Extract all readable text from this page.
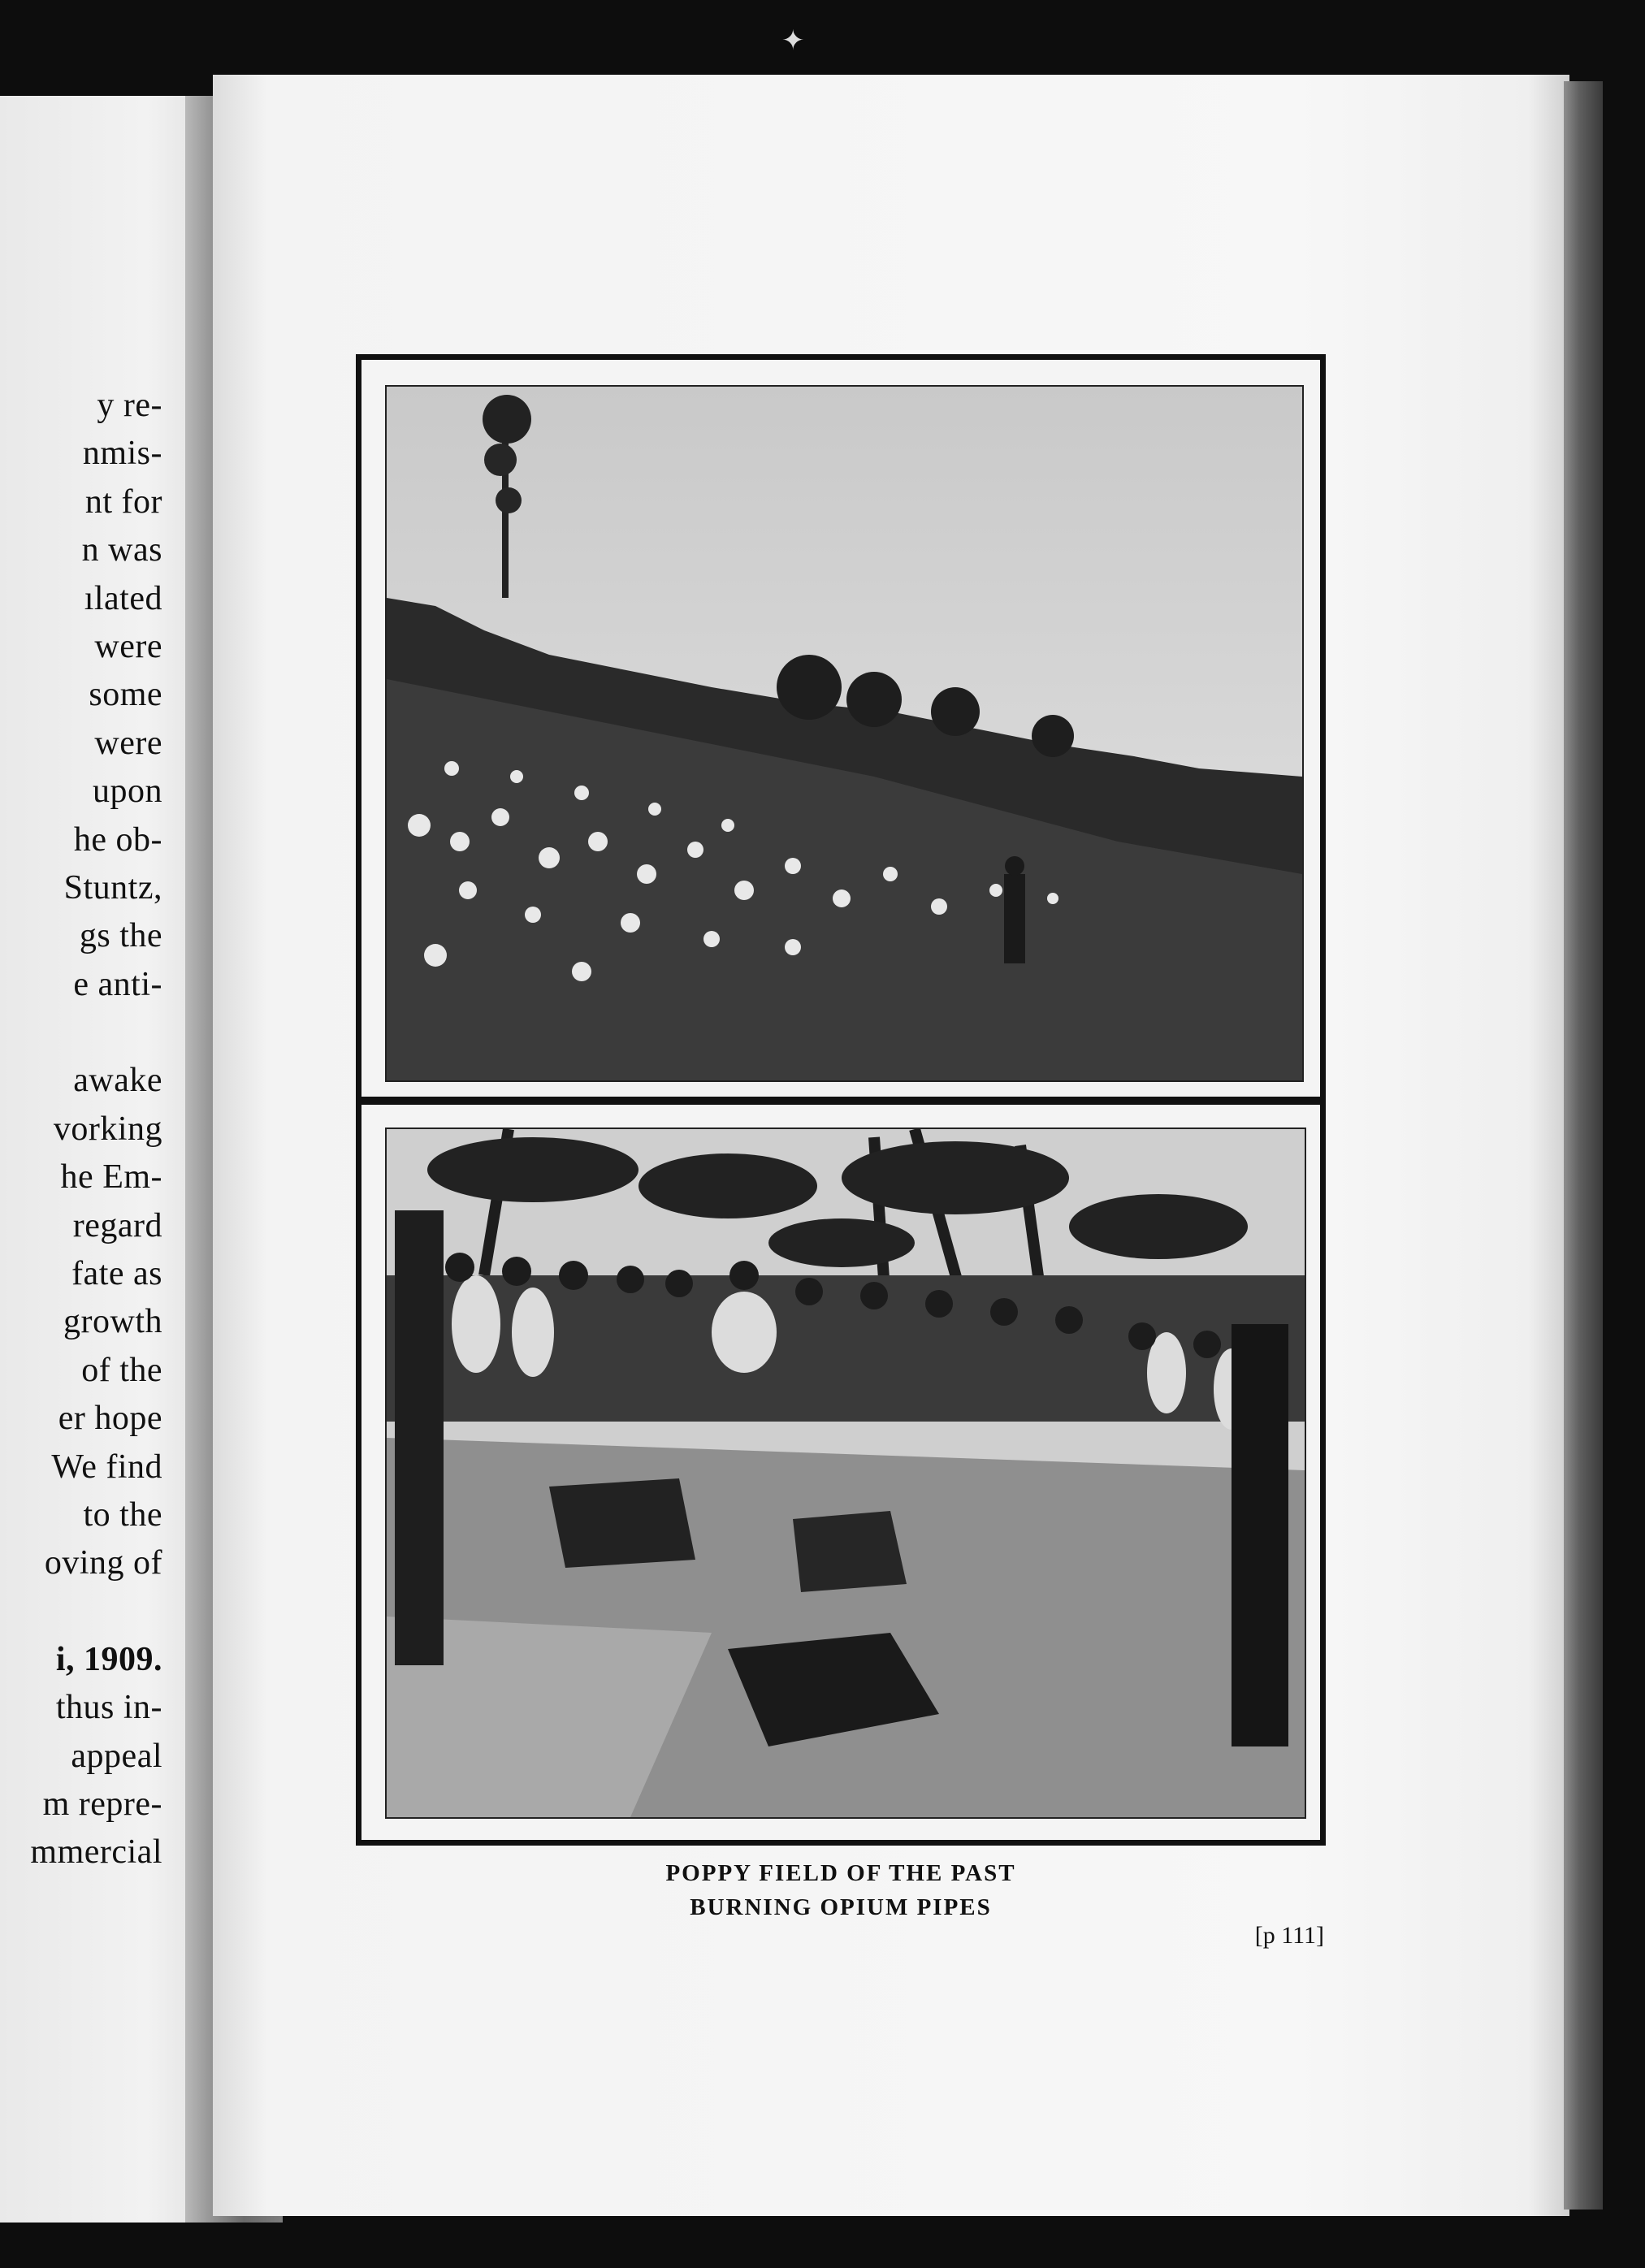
✦
y re-
nmis-
nt for
n was
ılated
were
some
were
upon
he ob-
Stuntz,
gs the
e anti-
awake
vorking
he Em-
regard
fate as
growth
of the
er hope
We find
to the
oving of
i, 1909.
thus in-
appeal
m repre-
mmercial
POPPY FIELD OF THE PAST
BURNING OPIUM PIPES
[p 111]
